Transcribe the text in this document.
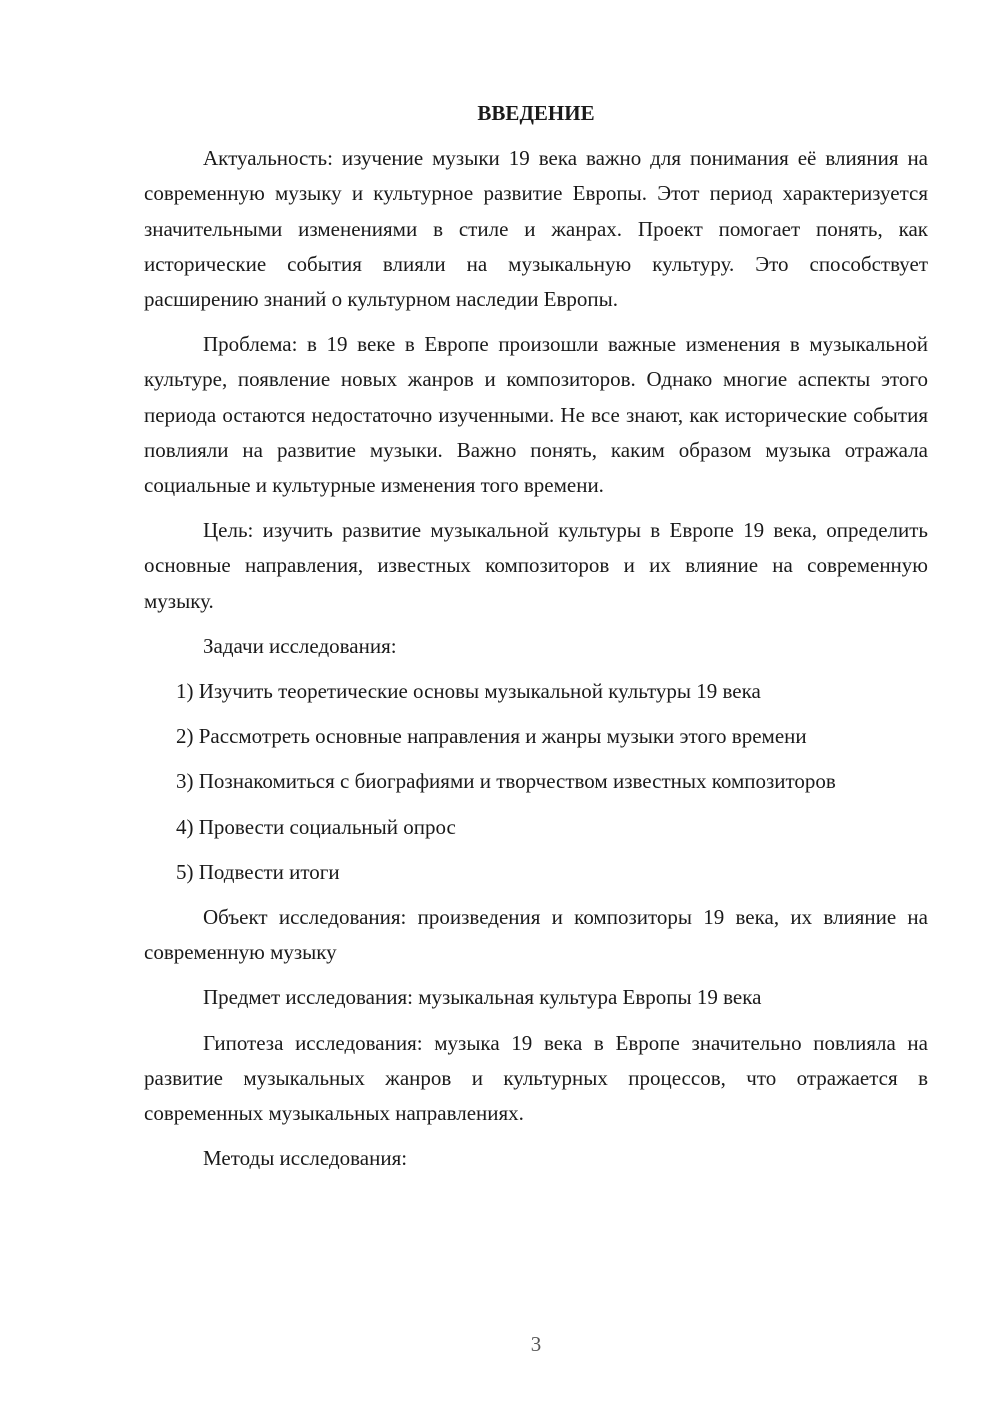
ВВЕДЕНИЕ
Актуальность: изучение музыки 19 века важно для понимания её влияния на современную музыку и культурное развитие Европы. Этот период характеризуется значительными изменениями в стиле и жанрах. Проект помогает понять, как исторические события влияли на музыкальную культуру. Это способствует расширению знаний о культурном наследии Европы.
Проблема: в 19 веке в Европе произошли важные изменения в музыкальной культуре, появление новых жанров и композиторов. Однако многие аспекты этого периода остаются недостаточно изученными. Не все знают, как исторические события повлияли на развитие музыки. Важно понять, каким образом музыка отражала социальные и культурные изменения того времени.
Цель: изучить развитие музыкальной культуры в Европе 19 века, определить основные направления, известных композиторов и их влияние на современную музыку.
Задачи исследования:
1) Изучить теоретические основы музыкальной культуры 19 века
2) Рассмотреть основные направления и жанры музыки этого времени
3) Познакомиться с биографиями и творчеством известных композиторов
4) Провести социальный опрос
5) Подвести итоги
Объект исследования: произведения и композиторы 19 века, их влияние на современную музыку
Предмет исследования: музыкальная культура Европы 19 века
Гипотеза исследования: музыка 19 века в Европе значительно повлияла на развитие музыкальных жанров и культурных процессов, что отражается в современных музыкальных направлениях.
Методы исследования:
3
